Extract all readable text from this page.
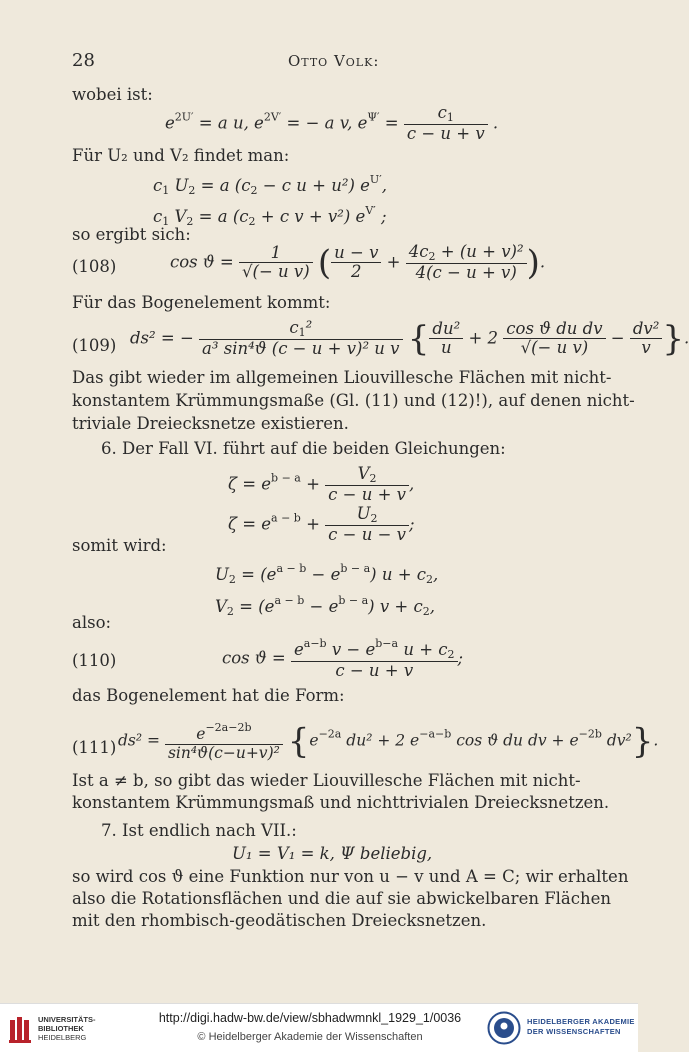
28	Otto Volk:
wobei ist:
$e^{2U'} = a$ u, $e^{2V'}$ = − a v, $e^{\Psi'} = \frac{c_1}{c - u + v}$ .
Für U₂ und V₂ findet man:
$c_1$ $U_2 = a$ ($c_2 - c$ u + u²) $e^{U'}$,
$c_1$ $V_2 = a$ ($c_2 + c$ v + v²) $e^{V'}$ ;
so ergibt sich:
(108)	$\cos ϑ = \frac{1}{\text{√(− u v)}}$ ( $\frac{u - v}{2} + \frac{4c_2 + (u + v)^2}{4(c - u + v)}$ ).
Für das Bogenelement kommt:
(109) ds² = − $\frac{c_1^2}{\text{a³ sin⁴ϑ (c − u + v)² u v}}$ { $\frac{\text{du²}}{u} + 2 \frac{\text{cos ϑ du dv}}{\text{√(− u v)}} - \frac{\text{dv²}}{v}$ }.
Das gibt wieder im allgemeinen Liouvillesche Flächen mit nicht-
konstantem Krümmungsmaße (Gl. (11) und (12)!), auf denen nicht-
triviale Dreiecksnetze existieren.
6. Der Fall VI. führt auf die beiden Gleichungen:
$\zeta = e^{b - a} + \frac{V_2}{c - u + v}$ ,
$\zeta = e^{a - b} + \frac{U_2}{c - u - v}$ ;
somit wird:
$U_2 = (e^{a - b} - e^{b - a}) u + c_2$,
$V_2 = (e^{a - b} - e^{b - a}) v + c_2$,
also:
(110)	$\cos ϑ = \frac{e^{a-b} v - e^{b-a} u + c_2}{c - u + v}$ ;
das Bogenelement hat die Form:
(111) $ds^2 = \frac{e^{-2a-2b}}{\text{sin⁴ϑ(c−u+v)²}} \{e^{-2a}$ du² + 2 $e^{-a-b}$ cos ϑ du dv + $e^{-2b}$ dv²}.
Ist a ≠ b, so gibt das wieder Liouvillesche Flächen mit nicht-
konstantem Krümmungsmaß und nichttrivialen Dreiecksnetzen.
7. Ist endlich nach VII.:
U₁ = V₁ = k, Ψ beliebig,
so wird cos ϑ eine Funktion nur von u − v und A = C; wir erhalten
also die Rotationsflächen und die auf sie abwickelbaren Flächen
mit den rhombisch-geodätischen Dreiecksnetzen.
UNIVERSITÄTS-
BIBLIOTHEK
HEIDELBERG
http://digi.hadw-bw.de/view/sbhadwmnkl_1929_1/0036
© Heidelberger Akademie der Wissenschaften
HEIDELBERGER AKADEMIE
DER WISSENSCHAFTEN
